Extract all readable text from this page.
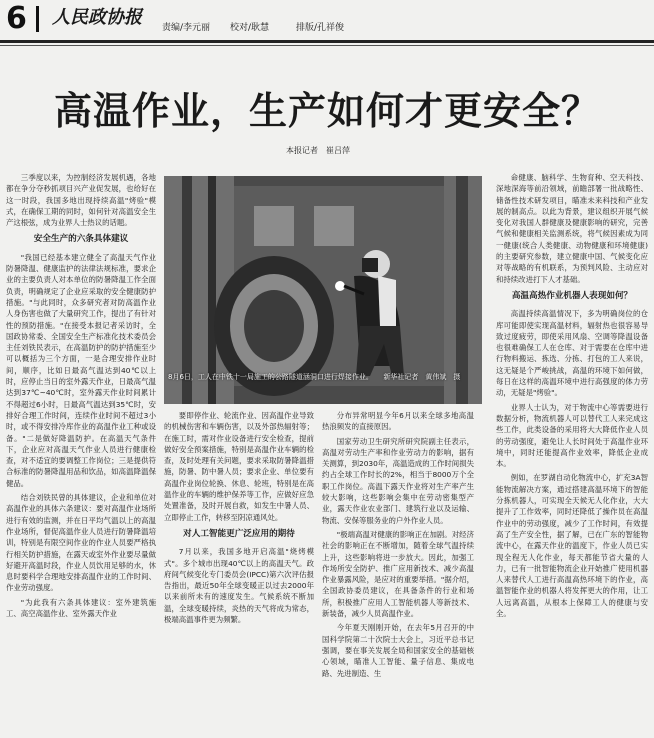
6 人民政协报 责编/李元丽 校对/耿慧	排版/孔祥俊
高温作业，生产如何才更安全？
本报记者　崔吕萍

三季度以来，为控制经济发展机遇，各地都在争分夺秒抓项目兴产业促发展，也给好在这一时段，我国多地出现持续高温"烤验"模式，在确保工期的同时，如何针对高温安全生产这根弦，成为业界人士热议的话题。

安全生产的六条具体建议

"我国已经基本建立健全了高温天气作业防暑降温、健康监护的法律法规标准，要求企业的主要负责人对本单位的防暑降温工作全面负责，明确规定了企业应采取的安全健康防护措施。"与此同时，众多研究者对防高温作业人身伤害也做了大量研究工作，提出了有针对性的预防措施。"在接受本报记者采访时，全国政协常委、全国安全生产标准化技术委员会主任刘铁民表示，在高温防护的防护措施至少可以概括为三个方面，一是合理安排作业时间，顺序，比如日最高气温达到40℃以上时，应停止当日的室外露天作业，日最高气温达到37℃~40℃时，室外露天作业时间累计不得超过6小时，日最高气温达到35℃时，安排好合理工作时间，连续作业时间不超过3小时，或不得安排冷库作业的高温作业工种或设备。"二是做好降温防护。在高温天气条件下，企业应对高温天气作业人员进行健康检查，对不适宜的要调整工作岗位；三是提供符合标准的防暑降温用品和饮品，如高温降温保健品。

结合刘铁民曾的具体建议，企业和单位对高温作业的具体六条建议：要对高温作业场所进行有效的监测，并在日平均气温以上的高温作业场所，督促高温作业人员进行防暑降温培训，特别是有限空间作业的作业人员要严格执行相关防护措施，在露天或室外作业要尽量做好避开高温时段，作业人员饮用足够的水，休息时要科学合理地安排高温作业的工作时间、作业劳动强度。

"为此我有六条具体建议：室外建筑施工、高空高温作业、室外露天作业

要即停作业、轮流作业、因高温作业导致的机械伤害和车辆伤害，以及外部热辐射等；在施工时，需对作业设备进行安全检查，提前做好安全预案措施，特别是高温作业车辆的检查，及时处理有关问题，要求采取防暑降温措施，防暑、防中暑人员；要求企业、单位要有高温作业岗位轮换、休息、轮班，特别是在高温作业的车辆的维护保养等工作，应做好应急处置准备，及时开展自救，如发生中暑人员、立即停止工作，转移至阴凉通风处。

对人工智能更广泛应用的期待

7月以来，我国多地开启高温"烧烤模式"。多个城市出现40℃以上的高温天气。政府间气候变化专门委员会(IPCC)第六次评估报告指出，最近50年全球变暖正以过去2000年以来前所未有的速度发生。气候系统不断加温，全球变暖持续，炎热的天气将成为常态，极端高温事件更为频繁。

分布异常明显今年6月以来全球多地高温热浪频发的直接原因。

国家劳动卫生研究所研究院副主任表示，高温对劳动生产率和作业劳动力的影响，据有关测算，到2030年，高温造成的工作时间损失约占全球工作时长的2%，相当于8000万个全职工作岗位。高温下露天作业将对生产率产生较大影响，这些影响会集中在劳动密集型产业，露天作业农业部门、建筑行业以及运输、物流、安保等服务业的户外作业人员。

"极端高温对健康的影响正在加剧。对经济社会的影响正在不断增加，随着全球气温持续上升，这些影响将进一步放大。因此，加强工作场所安全防护、推广应用新技术、减少高温作业暴露风险，是应对的重要举措。"据介绍，全国政协委员建议，在具备条件的行业和场所，积极推广应用人工智能机器人等新技术、新装备，减少人员高温作业。

今年夏天刚刚开始，在去年5月召开的中国科学院第二十次院士大会上，习近平总书记强调，要在事关发展全局和国家安全的基础核心领域，瞄准人工智能、量子信息、集成电路、先进制造、生

命健康、脑科学、生物育种、空天科技、深地深海等前沿领域，前瞻部署一批战略性、储备性技术研发项目，瞄准未来科技和产业发展的制高点。以此为背景，建议组织开展气候变化对我国人群健康及健康影响的研究，完善气候和健康相关监测系统，将气候因素成为同一健康(统合人类健康、动物健康和环境健康)的主要研究参数，建立健康中国、气候变化应对等战略的有机联系，为预判风险、主动应对和持续改进打下人才基础。

高温高热作业机器人表现如何？

高温持续高温情况下，多为明确岗位的仓库可能即使实现高温材料，辐射热也很容易导致过度疲劳，即使采用风扇、空调等降温设备也很难确保工人在仓库、对于需要在仓库中进行物料搬运、拣选、分拣、打包的工人来说，这无疑是个严峻挑战，高温的环境下如何做，每日在这样的高温环境中进行高强度的体力劳动，无疑是"烤验"。

业界人士认为，对于物流中心等需要进行数据分析，物流机器人可以替代工人来完成这些工作，此类设备的采用将大大降低作业人员的劳动强度，避免让人长时间处于高温作业环境中，同时还能提高作业效率，降低企业成本。

例如，在罗湖自动化物流中心，扩充3A智能物流解决方案，通过搭建高温环境下的智能分拣机器人，可实现全天候无人化作业，大大提升了工作效率，同时还降低了操作员在高温作业中的劳动强度，减少了工作时间，有效提高了生产安全性，据了解，已在广东的智能物流中心，在露天作业的温度下，作业人员已实现全程无人化作业，每天都能节省大量的人力，已有一批智能物流企业开始推广使用机器人来替代人工进行高温高热环境下的作业，高温智能作业的机器人将发挥更大的作用，让工人远离高温，从根本上保障工人的健康与安全。

8月6日，工人在中铁十一局施工的公路隧道涵洞口进行焊接作业。　　新华社记者　黄伟斌　摄
